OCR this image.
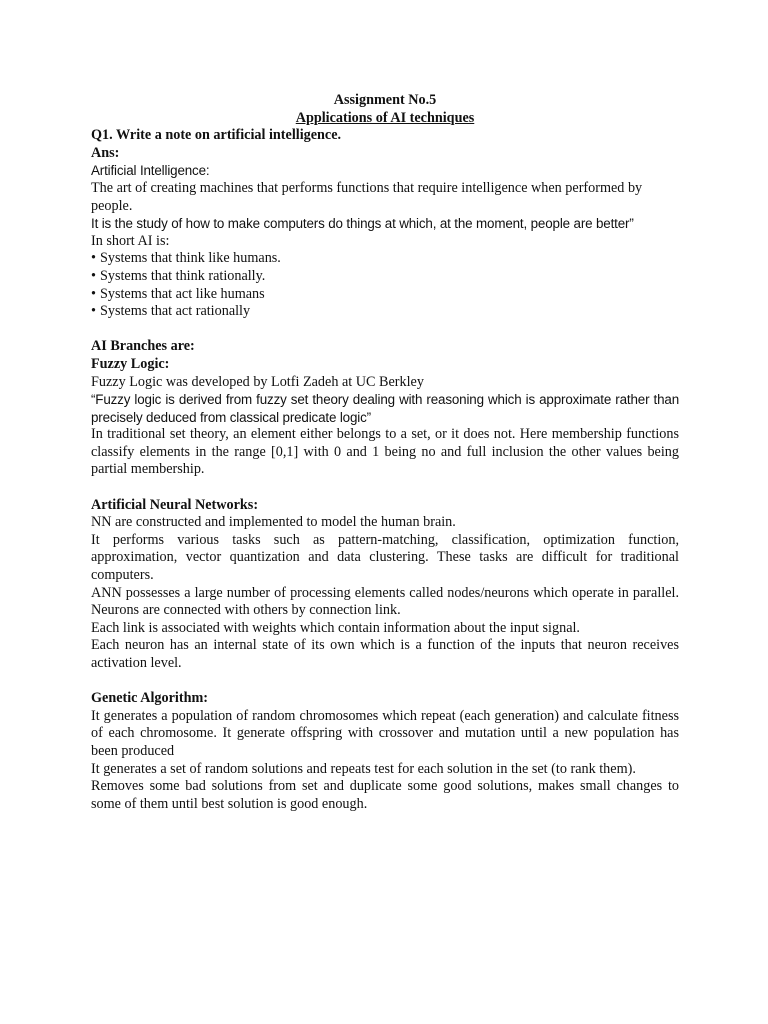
Assignment No.5

Applications of AI techniques

Q1. Write a note on artificial intelligence.

Ans:

Artificial Intelligence:

The art of creating machines that performs functions that require intelligence when performed by people.

It is the study of how to make computers do things at which, at the moment, people are better”

In short AI is:

• Systems that think like humans.
• Systems that think rationally.
• Systems that act like humans
• Systems that act rationally

AI Branches are:

Fuzzy Logic:

Fuzzy Logic was developed by Lotfi Zadeh at UC Berkley

“Fuzzy logic is derived from fuzzy set theory dealing with reasoning which is approximate rather than precisely deduced from classical predicate logic”

In traditional set theory, an element either belongs to a set, or it does not. Here membership functions classify elements in the range [0,1] with 0 and 1 being no and full inclusion the other values being partial membership.

Artificial Neural Networks:

NN are constructed and implemented to model the human brain.

It performs various tasks such as pattern-matching, classification, optimization function, approximation, vector quantization and data clustering. These tasks are difficult for traditional computers.

ANN possesses a large number of processing elements called nodes/neurons which operate in parallel. Neurons are connected with others by connection link.

Each link is associated with weights which contain information about the input signal.

Each neuron has an internal state of its own which is a function of the inputs that neuron receives activation level.

Genetic Algorithm:

It generates a population of random chromosomes which repeat (each generation) and calculate fitness of each chromosome. It generate offspring with crossover and mutation until a new population has been produced

It generates a set of random solutions and repeats test for each solution in the set (to rank them).

Removes some bad solutions from set and duplicate some good solutions, makes small changes to some of them until best solution is good enough.
